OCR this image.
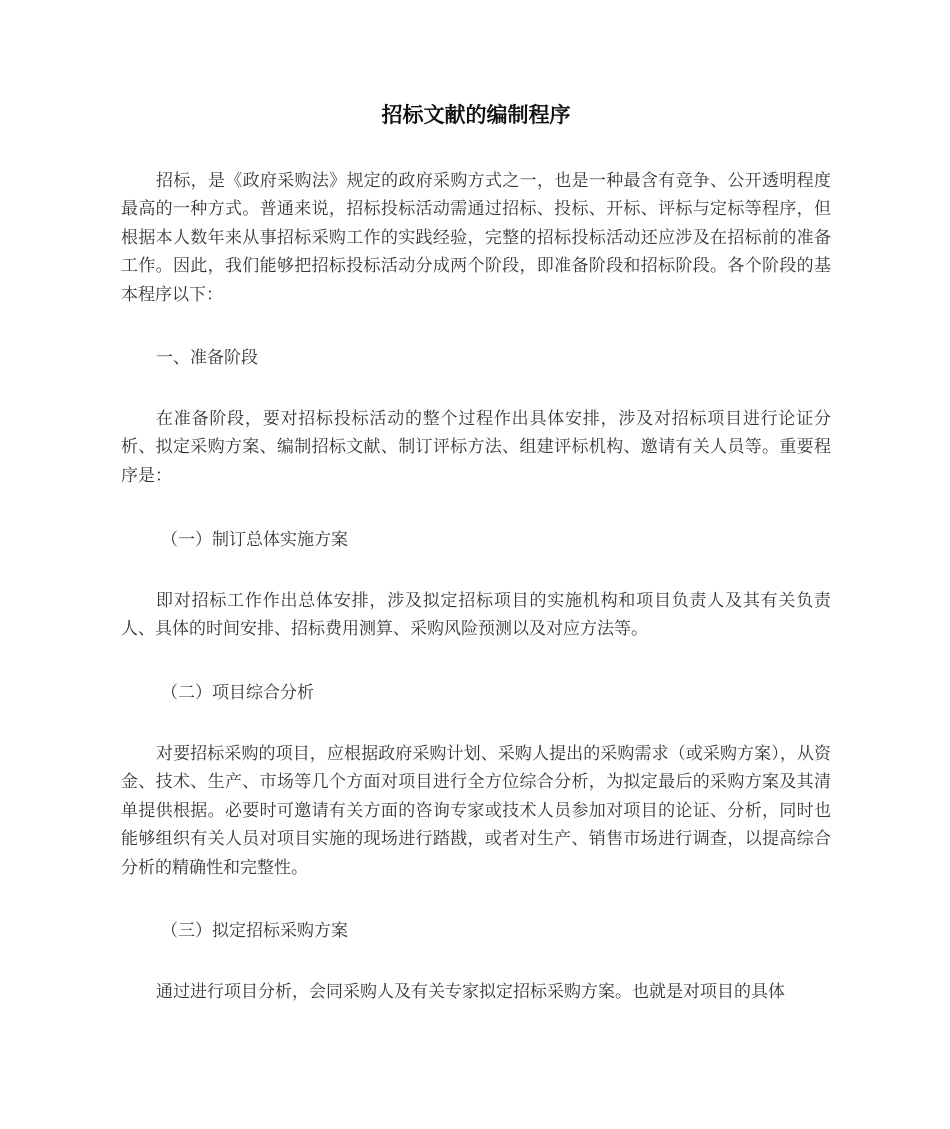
招标文献的编制程序

招标，是《政府采购法》规定的政府采购方式之一，也是一种最含有竞争、公开透明程度最高的一种方式。普通来说，招标投标活动需通过招标、投标、开标、评标与定标等程序，但根据本人数年来从事招标采购工作的实践经验，完整的招标投标活动还应涉及在招标前的准备工作。因此，我们能够把招标投标活动分成两个阶段，即准备阶段和招标阶段。各个阶段的基本程序以下：

一、准备阶段

在准备阶段，要对招标投标活动的整个过程作出具体安排，涉及对招标项目进行论证分析、拟定采购方案、编制招标文献、制订评标方法、组建评标机构、邀请有关人员等。重要程序是：

（一）制订总体实施方案

即对招标工作作出总体安排，涉及拟定招标项目的实施机构和项目负责人及其有关负责人、具体的时间安排、招标费用测算、采购风险预测以及对应方法等。

（二）项目综合分析

对要招标采购的项目，应根据政府采购计划、采购人提出的采购需求（或采购方案），从资金、技术、生产、市场等几个方面对项目进行全方位综合分析，为拟定最后的采购方案及其清单提供根据。必要时可邀请有关方面的咨询专家或技术人员参加对项目的论证、分析，同时也能够组织有关人员对项目实施的现场进行踏戡，或者对生产、销售市场进行调查，以提高综合分析的精确性和完整性。

（三）拟定招标采购方案

通过进行项目分析，会同采购人及有关专家拟定招标采购方案。也就是对项目的具体
